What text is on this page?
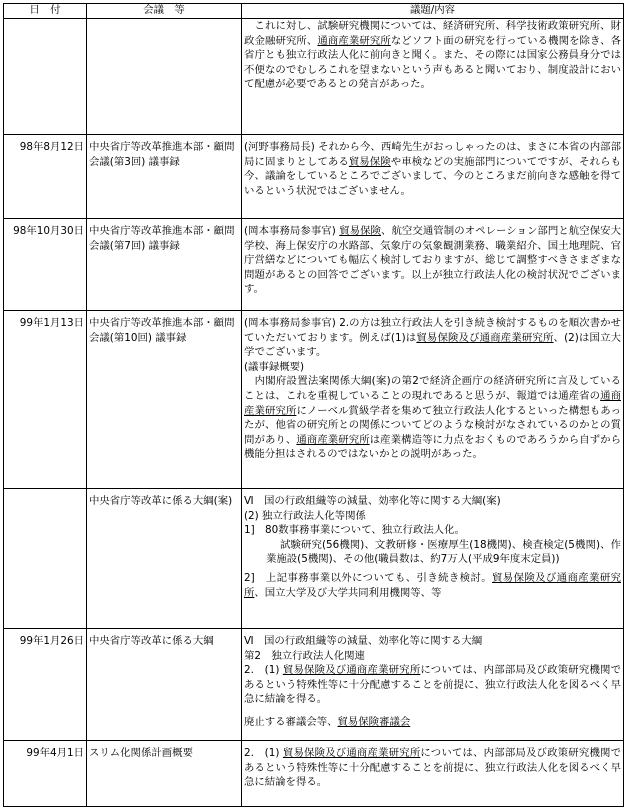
日　付	会議　等	議題/内容

		　これに対し、試験研究機関については、経済研究所、科学技術政策研究所、財政金融研究所、通商産業研究所などソフト面の研究を行っている機関を除き、各省庁とも独立行政法人化に前向きと聞く。また、その際には国家公務員身分では不便なのでむしろこれを望まないという声もあると聞いており、制度設計において配慮が必要であるとの発言があった。

98年8月12日	中央省庁等改革推進本部・顧問会議(第3回) 議事録	(河野事務局長) それから今、西崎先生がおっしゃったのは、まさに本省の内部部局に固まりとしてある貿易保険や車検などの実施部門についてですが、それらも今、議論をしているところでございまして、今のところまだ前向きな感触を得ているという状況ではございません。

98年10月30日	中央省庁等改革推進本部・顧問会議(第7回) 議事録	(岡本事務局参事官) 貿易保険、航空交通管制のオペレーション部門と航空保安大学校、海上保安庁の水路部、気象庁の気象観測業務、職業紹介、国土地理院、官庁営繕などについても幅広く検討しておりますが、総じて調整すべきさまざまな問題があるとの回答でございます。以上が独立行政法人化の検討状況でございます。

99年1月13日	中央省庁等改革推進本部・顧問会議(第10回) 議事録	(岡本事務局参事官) 2.の方は独立行政法人を引き続き検討するものを順次書かせていただいております。例えば(1)は貿易保険及び通商産業研究所、(2)は国立大学でございます。

(議事録概要)

　内閣府設置法案関係大綱(案)の第2で経済企画庁の経済研究所に言及していることは、これを重視していることの現れであると思うが、報道では通産省の通商産業研究所にノーベル賞級学者を集めて独立行政法人化するといった構想もあったが、他省の研究所との関係についてどのような検討がなされているのかとの質問があり、通商産業研究所は産業構造等に力点をおくものであろうから自ずから機能分担はされるのではないかとの説明があった。

	中央省庁等改革に係る大綱(案)	Ⅵ　国の行政組織等の減量、効率化等に関する大綱(案)

(2) 独立行政法人化等関係

1]　80数事務事業について、独立行政法人化。

試験研究(56機関)、文教研修・医療厚生(18機関)、検査検定(5機関)、作業施設(5機関)、その他(職員数は、約7万人(平成9年度末定員))

2]　上記事務事業以外についても、引き続き検討。貿易保険及び通商産業研究所、国立大学及び大学共同利用機関等、等

99年1月26日	中央省庁等改革に係る大綱	Ⅵ　国の行政組織等の減量、効率化等に関する大綱

第2　独立行政法人化関連

2.　(1) 貿易保険及び通商産業研究所については、内部部局及び政策研究機関であるという特殊性等に十分配慮することを前提に、独立行政法人化を図るべく早急に結論を得る。

廃止する審議会等、貿易保険審議会

99年4月1日	スリム化関係計画概要	2.　(1) 貿易保険及び通商産業研究所については、内部部局及び政策研究機関であるという特殊性等に十分配慮することを前提に、独立行政法人化を図るべく早急に結論を得る。
